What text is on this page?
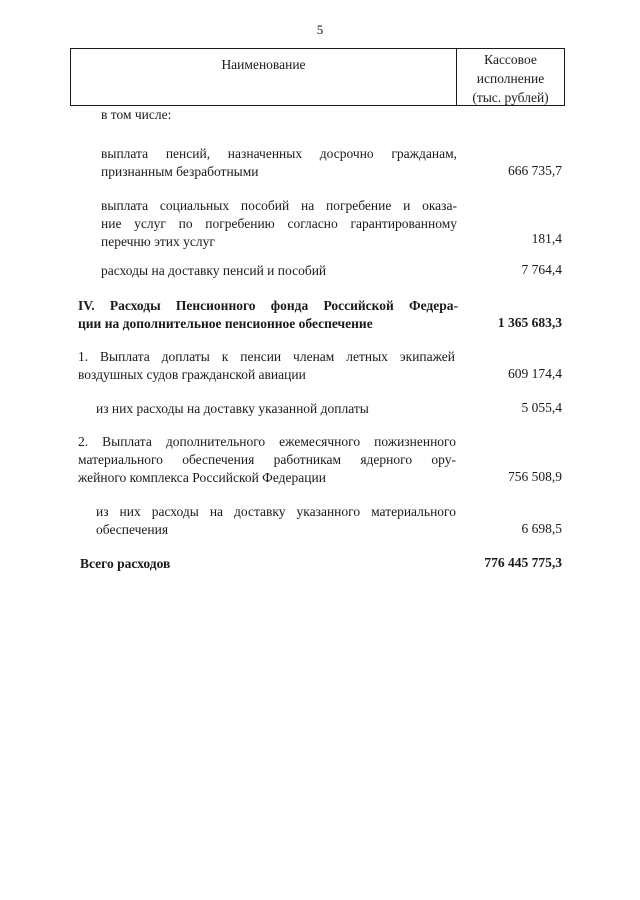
5
Наименование	Кассовое
исполнение
(тыс. рублей)
в том числе:
выплата пенсий, назначенных досрочно гражданам,
признанным безработными	666 735,7
выплата социальных пособий на погребение и оказа-
ние услуг по погребению согласно гарантированному
перечню этих услуг	181,4
расходы на доставку пенсий и пособий	7 764,4
IV. Расходы Пенсионного фонда Российской Федера-
ции на дополнительное пенсионное обеспечение	1 365 683,3
1. Выплата доплаты к пенсии членам летных экипажей
воздушных судов гражданской авиации	609 174,4
из них расходы на доставку указанной доплаты	5 055,4
2. Выплата дополнительного ежемесячного пожизненного
материального обеспечения работникам ядерного ору-
жейного комплекса Российской Федерации	756 508,9
из них расходы на доставку указанного материального
обеспечения	6 698,5
Всего расходов	776 445 775,3
